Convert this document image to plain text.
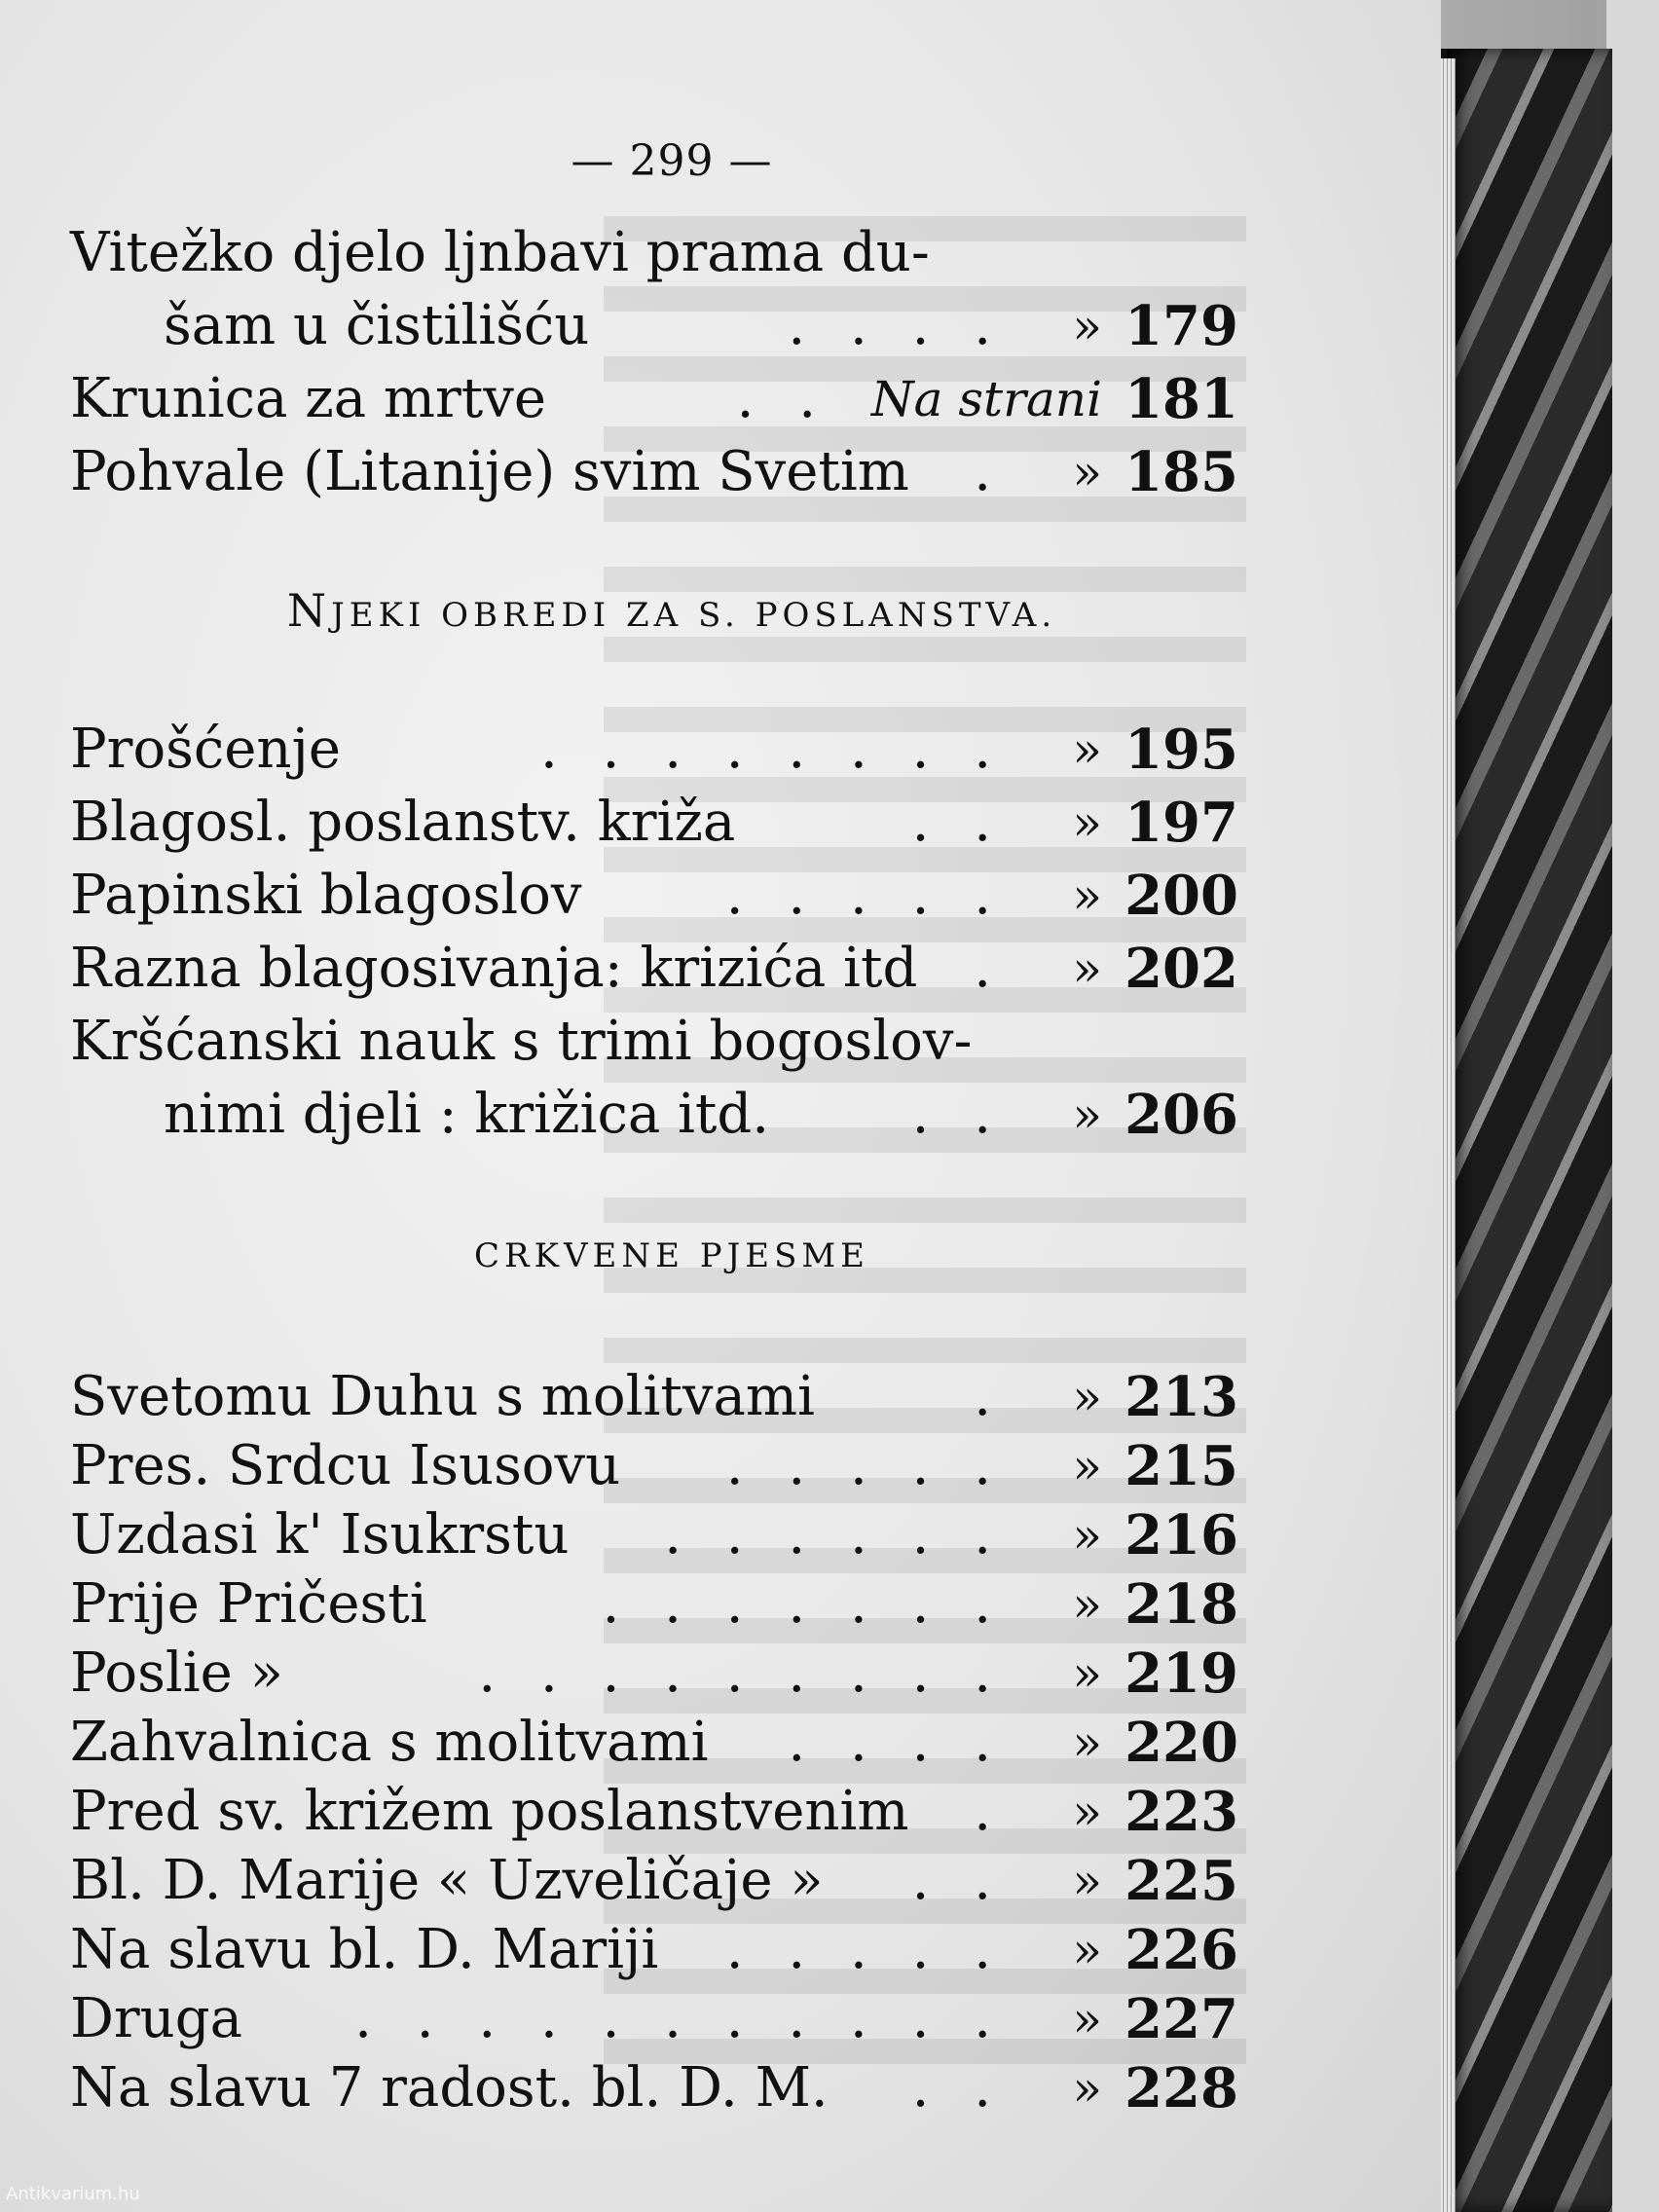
— 299 —
Vitežko djelo ljnbavi prama du-
šam u čistilišću	. . . . » 179
Krunica za mrtve	. . Na strani 181
Pohvale (Litanije) svim Svetim . » 185
NJEKI OBREDI ZA S. POSLANSTVA.
Prošćenje	. . . . . . . . » 195
Blagosl. poslanstv. križa	. . » 197
Papinski blagoslov	. . . . . » 200
Razna blagosivanja: krizića itd . » 202
Kršćanski nauk s trimi bogoslov-
nimi djeli : križica itd.	. . » 206
CRKVENE PJESME
Svetomu Duhu s molitvami	. » 213
Pres. Srdcu Isusovu . . . . . » 215
Uzdasi k' Isukrstu . . . . . . » 216
Prije Pričesti	. . . . . . . » 218
Poslie »	. . . . . . . . . » 219
Zahvalnica s molitvami . . . . » 220
Pred sv. križem poslanstvenim . » 223
Bl. D. Marije « Uzveličaje » . . » 225
Na slavu bl. D. Mariji . . . . . » 226
Druga . . . . . . . . . . . » 227
Na slavu 7 radost. bl. D. M. . . » 228
Antikvarium.hu
